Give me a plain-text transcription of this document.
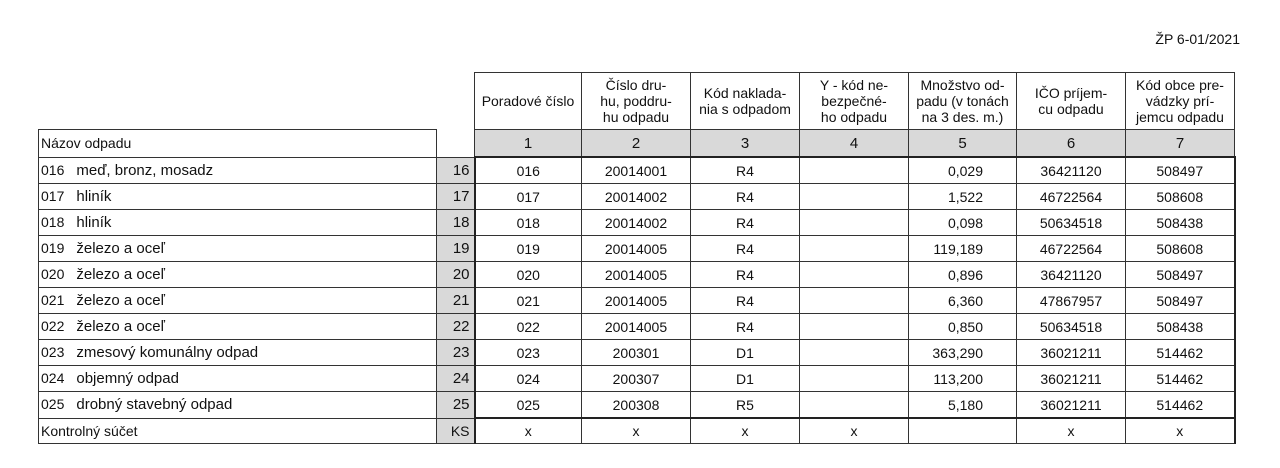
ŽP 6-01/2021
		Poradové číslo	Číslo dru-
hu, poddru-
hu odpadu	Kód naklada-
nia s odpadom	Y - kód ne-
bezpečné-
ho odpadu	Množstvo od-
padu (v tonách
na 3 des. m.)	IČO príjem-
cu odpadu	Kód obce pre-
vádzky prí-
jemcu odpadu
Názov odpadu		1	2	3	4	5	6	7
016 meď, bronz, mosadz	16	016	20014001	R4		0,029	36421120	508497
017 hliník	17	017	20014002	R4		1,522	46722564	508608
018 hliník	18	018	20014002	R4		0,098	50634518	508438
019 železo a oceľ	19	019	20014005	R4		119,189	46722564	508608
020 železo a oceľ	20	020	20014005	R4		0,896	36421120	508497
021 železo a oceľ	21	021	20014005	R4		6,360	47867957	508497
022 železo a oceľ	22	022	20014005	R4		0,850	50634518	508438
023 zmesový komunálny odpad	23	023	200301	D1		363,290	36021211	514462
024 objemný odpad	24	024	200307	D1		113,200	36021211	514462
025 drobný stavebný odpad	25	025	200308	R5		5,180	36021211	514462
Kontrolný súčet	KS	x	x	x	x		x	x
